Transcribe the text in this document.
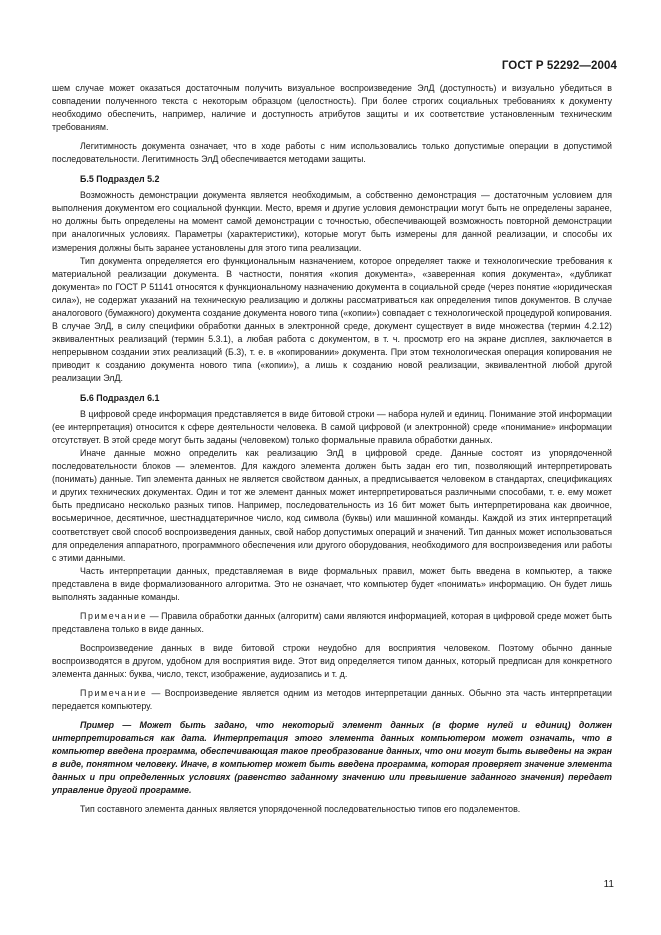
ГОСТ Р 52292—2004

шем случае может оказаться достаточным получить визуальное воспроизведение ЭлД (доступность) и визуально убедиться в совпадении полученного текста с некоторым образцом (целостность). При более строгих социальных требованиях к документу необходимо обеспечить, например, наличие и доступность атрибутов защиты и их соответствие установленным техническим требованиям.

Легитимность документа означает, что в ходе работы с ним использовались только допустимые операции в допустимой последовательности. Легитимность ЭлД обеспечивается методами защиты.

Б.5 Подраздел 5.2

Возможность демонстрации документа является необходимым, а собственно демонстрация — достаточным условием для выполнения документом его социальной функции. Место, время и другие условия демонстрации могут быть не определены заранее, но должны быть определены на момент самой демонстрации с точностью, обеспечивающей возможность повторной демонстрации при аналогичных условиях. Параметры (характеристики), которые могут быть измерены для данной реализации, и способы их измерения должны быть заранее установлены для этого типа реализации.

Тип документа определяется его функциональным назначением, которое определяет также и технологические требования к материальной реализации документа. В частности, понятия «копия документа», «заверенная копия документа», «дубликат документа» по ГОСТ Р 51141 относятся к функциональному назначению документа в социальной среде (через понятие «юридическая сила»), не содержат указаний на техническую реализацию и должны рассматриваться как определения типов документов. В случае аналогового (бумажного) документа создание документа нового типа («копии») совпадает с технологической процедурой копирования. В случае ЭлД, в силу специфики обработки данных в электронной среде, документ существует в виде множества (термин 4.2.12) эквивалентных реализаций (термин 5.3.1), а любая работа с документом, в т. ч. просмотр его на экране дисплея, заключается в непрерывном создании этих реализаций (Б.3), т. е. в «копировании» документа. При этом технологическая операция копирования не приводит к созданию документа нового типа («копии»), а лишь к созданию новой реализации, эквивалентной любой другой реализации ЭлД.

Б.6 Подраздел 6.1

В цифровой среде информация представляется в виде битовой строки — набора нулей и единиц. Понимание этой информации (ее интерпретация) относится к сфере деятельности человека. В самой цифровой (и электронной) среде «понимание» информации отсутствует. В этой среде могут быть заданы (человеком) только формальные правила обработки данных.

Иначе данные можно определить как реализацию ЭлД в цифровой среде. Данные состоят из упорядоченной последовательности блоков — элементов. Для каждого элемента должен быть задан его тип, позволяющий интерпретировать (понимать) данные. Тип элемента данных не является свойством данных, а предписывается человеком в стандартах, спецификациях и других технических документах. Один и тот же элемент данных может интерпретироваться различными способами, т. е. ему может быть предписано несколько разных типов. Например, последовательность из 16 бит может быть интерпретирована как двоичное, восьмеричное, десятичное, шестнадцатеричное число, код символа (буквы) или машинной команды. Каждой из этих интерпретаций соответствует свой способ воспроизведения данных, свой набор допустимых операций и значений. Тип данных может использоваться для определения аппаратного, программного обеспечения или другого оборудования, необходимого для воспроизведения или работы с этими данными.

Часть интерпретации данных, представляемая в виде формальных правил, может быть введена в компьютер, а также представлена в виде формализованного алгоритма. Это не означает, что компьютер будет «понимать» информацию. Он будет лишь выполнять заданные команды.

Примечание — Правила обработки данных (алгоритм) сами являются информацией, которая в цифровой среде может быть представлена только в виде данных.

Воспроизведение данных в виде битовой строки неудобно для восприятия человеком. Поэтому обычно данные воспроизводятся в другом, удобном для восприятия виде. Этот вид определяется типом данных, который предписан для конкретного элемента данных: буква, число, текст, изображение, аудиозапись и т. д.

Примечание — Воспроизведение является одним из методов интерпретации данных. Обычно эта часть интерпретации передается компьютеру.

Пример — Может быть задано, что некоторый элемент данных (в форме нулей и единиц) должен интерпретироваться как дата. Интерпретация этого элемента данных компьютером может означать, что в компьютер введена программа, обеспечивающая такое преобразование данных, что они могут быть выведены на экран в виде, понятном человеку. Иначе, в компьютер может быть введена программа, которая проверяет значение элемента данных и при определенных условиях (равенство заданному значению или превышение заданного значения) передает управление другой программе.

Тип составного элемента данных является упорядоченной последовательностью типов его подэлементов.

11
